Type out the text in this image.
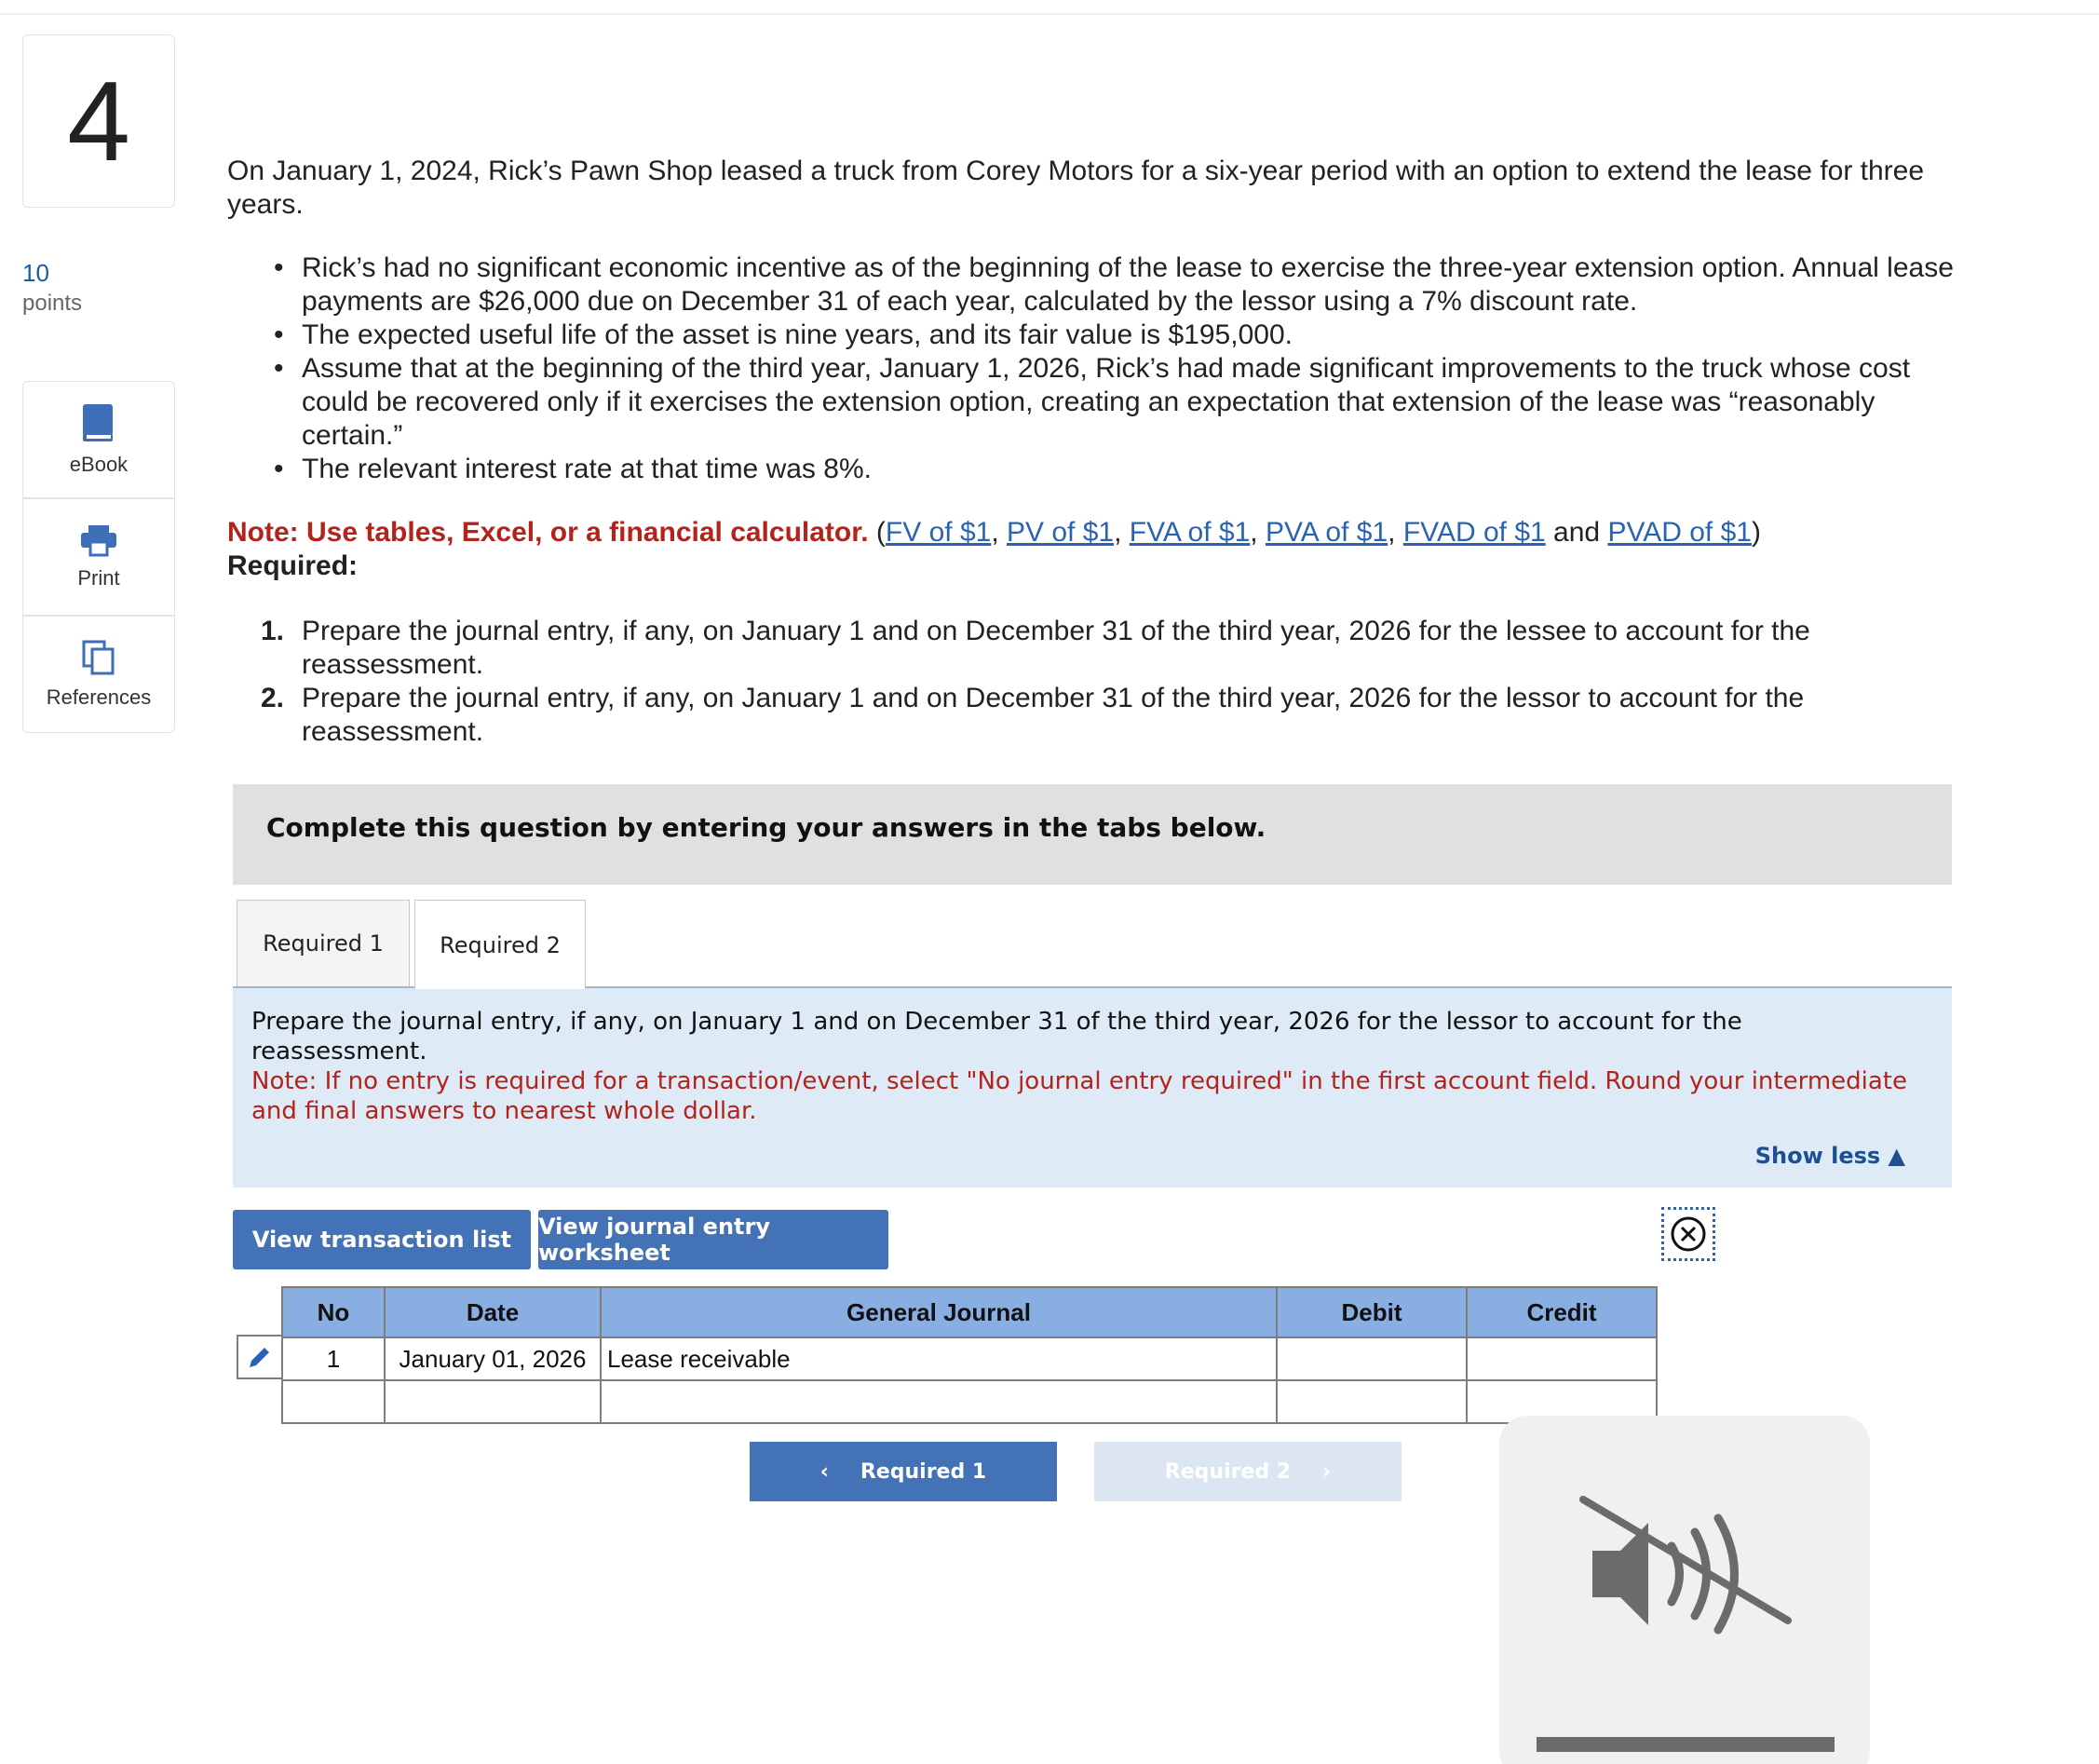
4
10
points
eBook
Print
References

On January 1, 2024, Rick’s Pawn Shop leased a truck from Corey Motors for a six-year period with an option to extend the lease for three years.

• Rick’s had no significant economic incentive as of the beginning of the lease to exercise the three-year extension option. Annual lease payments are $26,000 due on December 31 of each year, calculated by the lessor using a 7% discount rate.
• The expected useful life of the asset is nine years, and its fair value is $195,000.
• Assume that at the beginning of the third year, January 1, 2026, Rick’s had made significant improvements to the truck whose cost could be recovered only if it exercises the extension option, creating an expectation that extension of the lease was “reasonably certain.”
• The relevant interest rate at that time was 8%.
Note: Use tables, Excel, or a financial calculator. (FV of $1, PV of $1, FVA of $1, PVA of $1, FVAD of $1 and PVAD of $1)
Required:
1. Prepare the journal entry, if any, on January 1 and on December 31 of the third year, 2026 for the lessee to account for the reassessment.
2. Prepare the journal entry, if any, on January 1 and on December 31 of the third year, 2026 for the lessor to account for the reassessment.
Complete this question by entering your answers in the tabs below.
Required 1	Required 2
Prepare the journal entry, if any, on January 1 and on December 31 of the third year, 2026 for the lessor to account for the reassessment.
Note: If no entry is required for a transaction/event, select "No journal entry required" in the first account field. Round your intermediate and final answers to nearest whole dollar.
Show less ▲
View transaction list	View journal entry worksheet
No	Date	General Journal	Debit	Credit
1	January 01, 2026	Lease receivable		

‹ Required 1	Required 2 ›
